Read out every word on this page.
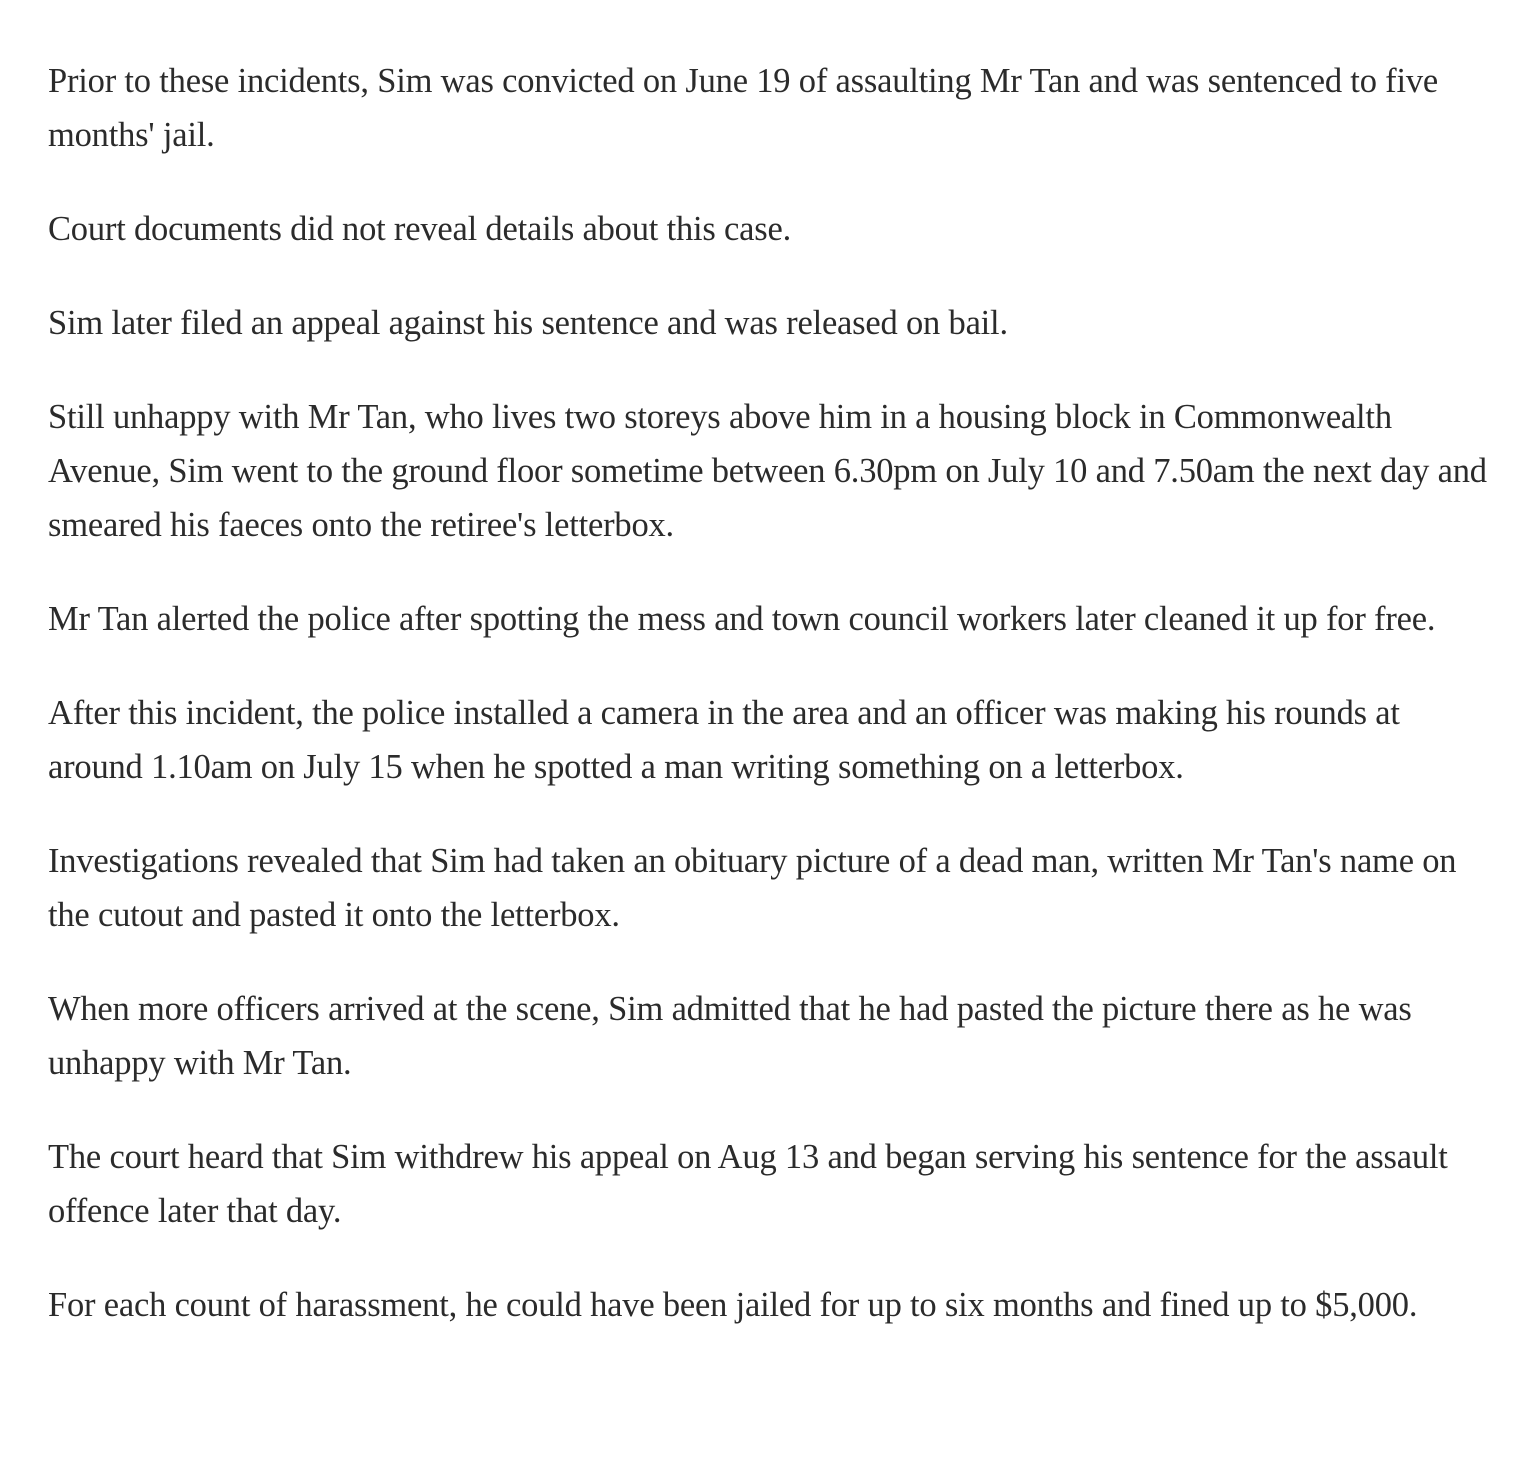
Prior to these incidents, Sim was convicted on June 19 of assaulting Mr Tan and was sentenced to five months' jail.

Court documents did not reveal details about this case.

Sim later filed an appeal against his sentence and was released on bail.

Still unhappy with Mr Tan, who lives two storeys above him in a housing block in Commonwealth Avenue, Sim went to the ground floor sometime between 6.30pm on July 10 and 7.50am the next day and smeared his faeces onto the retiree's letterbox.

Mr Tan alerted the police after spotting the mess and town council workers later cleaned it up for free.

After this incident, the police installed a camera in the area and an officer was making his rounds at around 1.10am on July 15 when he spotted a man writing something on a letterbox.

Investigations revealed that Sim had taken an obituary picture of a dead man, written Mr Tan's name on the cutout and pasted it onto the letterbox.

When more officers arrived at the scene, Sim admitted that he had pasted the picture there as he was unhappy with Mr Tan.

The court heard that Sim withdrew his appeal on Aug 13 and began serving his sentence for the assault offence later that day.

For each count of harassment, he could have been jailed for up to six months and fined up to $5,000.
